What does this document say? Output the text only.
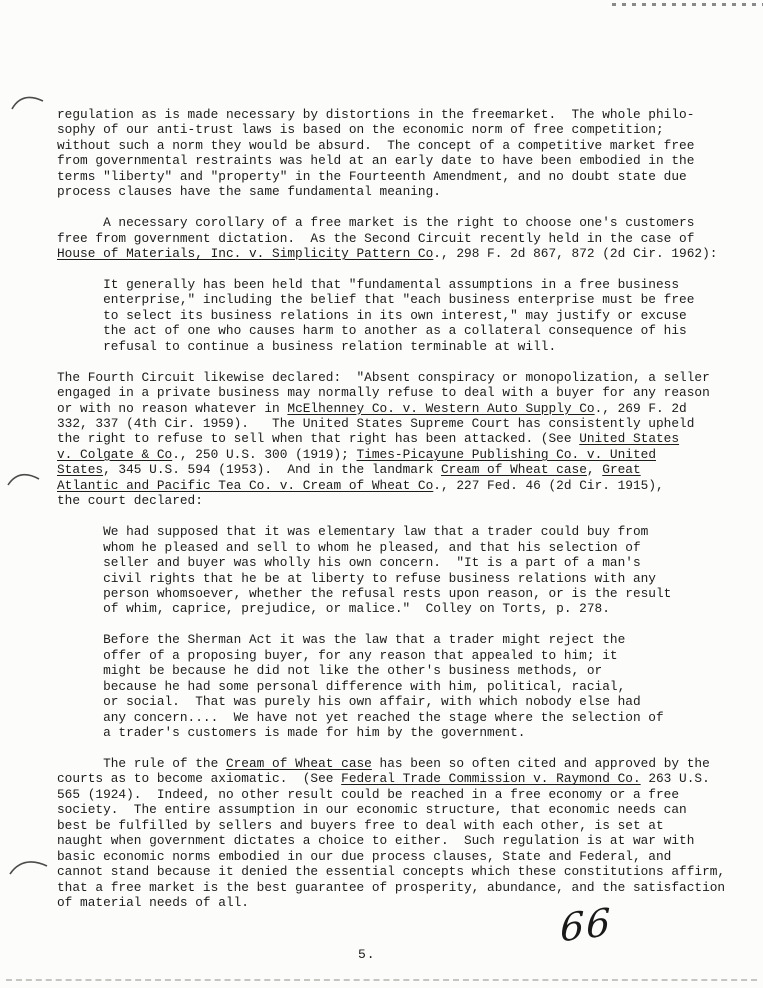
regulation as is made necessary by distortions in the freemarket.  The whole philo-
sophy of our anti-trust laws is based on the economic norm of free competition;
without such a norm they would be absurd.  The concept of a competitive market free
from governmental restraints was held at an early date to have been embodied in the
terms "liberty" and "property" in the Fourteenth Amendment, and no doubt state due
process clauses have the same fundamental meaning.
A necessary corollary of a free market is the right to choose one's customers
free from government dictation.  As the Second Circuit recently held in the case of
House of Materials, Inc. v. Simplicity Pattern Co., 298 F. 2d 867, 872 (2d Cir. 1962):
It generally has been held that "fundamental assumptions in a free business
enterprise," including the belief that "each business enterprise must be free
to select its business relations in its own interest," may justify or excuse
the act of one who causes harm to another as a collateral consequence of his
refusal to continue a business relation terminable at will.
The Fourth Circuit likewise declared:  "Absent conspiracy or monopolization, a seller
engaged in a private business may normally refuse to deal with a buyer for any reason
or with no reason whatever in McElhenney Co. v. Western Auto Supply Co., 269 F. 2d
332, 337 (4th Cir. 1959).   The United States Supreme Court has consistently upheld
the right to refuse to sell when that right has been attacked. (See United States
v. Colgate & Co., 250 U.S. 300 (1919); Times-Picayune Publishing Co. v. United
States, 345 U.S. 594 (1953).  And in the landmark Cream of Wheat case, Great
Atlantic and Pacific Tea Co. v. Cream of Wheat Co., 227 Fed. 46 (2d Cir. 1915),
the court declared:
We had supposed that it was elementary law that a trader could buy from
whom he pleased and sell to whom he pleased, and that his selection of
seller and buyer was wholly his own concern.  "It is a part of a man's
civil rights that he be at liberty to refuse business relations with any
person whomsoever, whether the refusal rests upon reason, or is the result
of whim, caprice, prejudice, or malice."  Colley on Torts, p. 278.
Before the Sherman Act it was the law that a trader might reject the
offer of a proposing buyer, for any reason that appealed to him; it
might be because he did not like the other's business methods, or
because he had some personal difference with him, political, racial,
or social.  That was purely his own affair, with which nobody else had
any concern....  We have not yet reached the stage where the selection of
a trader's customers is made for him by the government.
The rule of the Cream of Wheat case has been so often cited and approved by the
courts as to become axiomatic.  (See Federal Trade Commission v. Raymond Co. 263 U.S.
565 (1924).  Indeed, no other result could be reached in a free economy or a free
society.  The entire assumption in our economic structure, that economic needs can
best be fulfilled by sellers and buyers free to deal with each other, is set at
naught when government dictates a choice to either.  Such regulation is at war with
basic economic norms embodied in our due process clauses, State and Federal, and
cannot stand because it denied the essential concepts which these constitutions affirm,
that a free market is the best guarantee of prosperity, abundance, and the satisfaction
of material needs of all.	66
5.
